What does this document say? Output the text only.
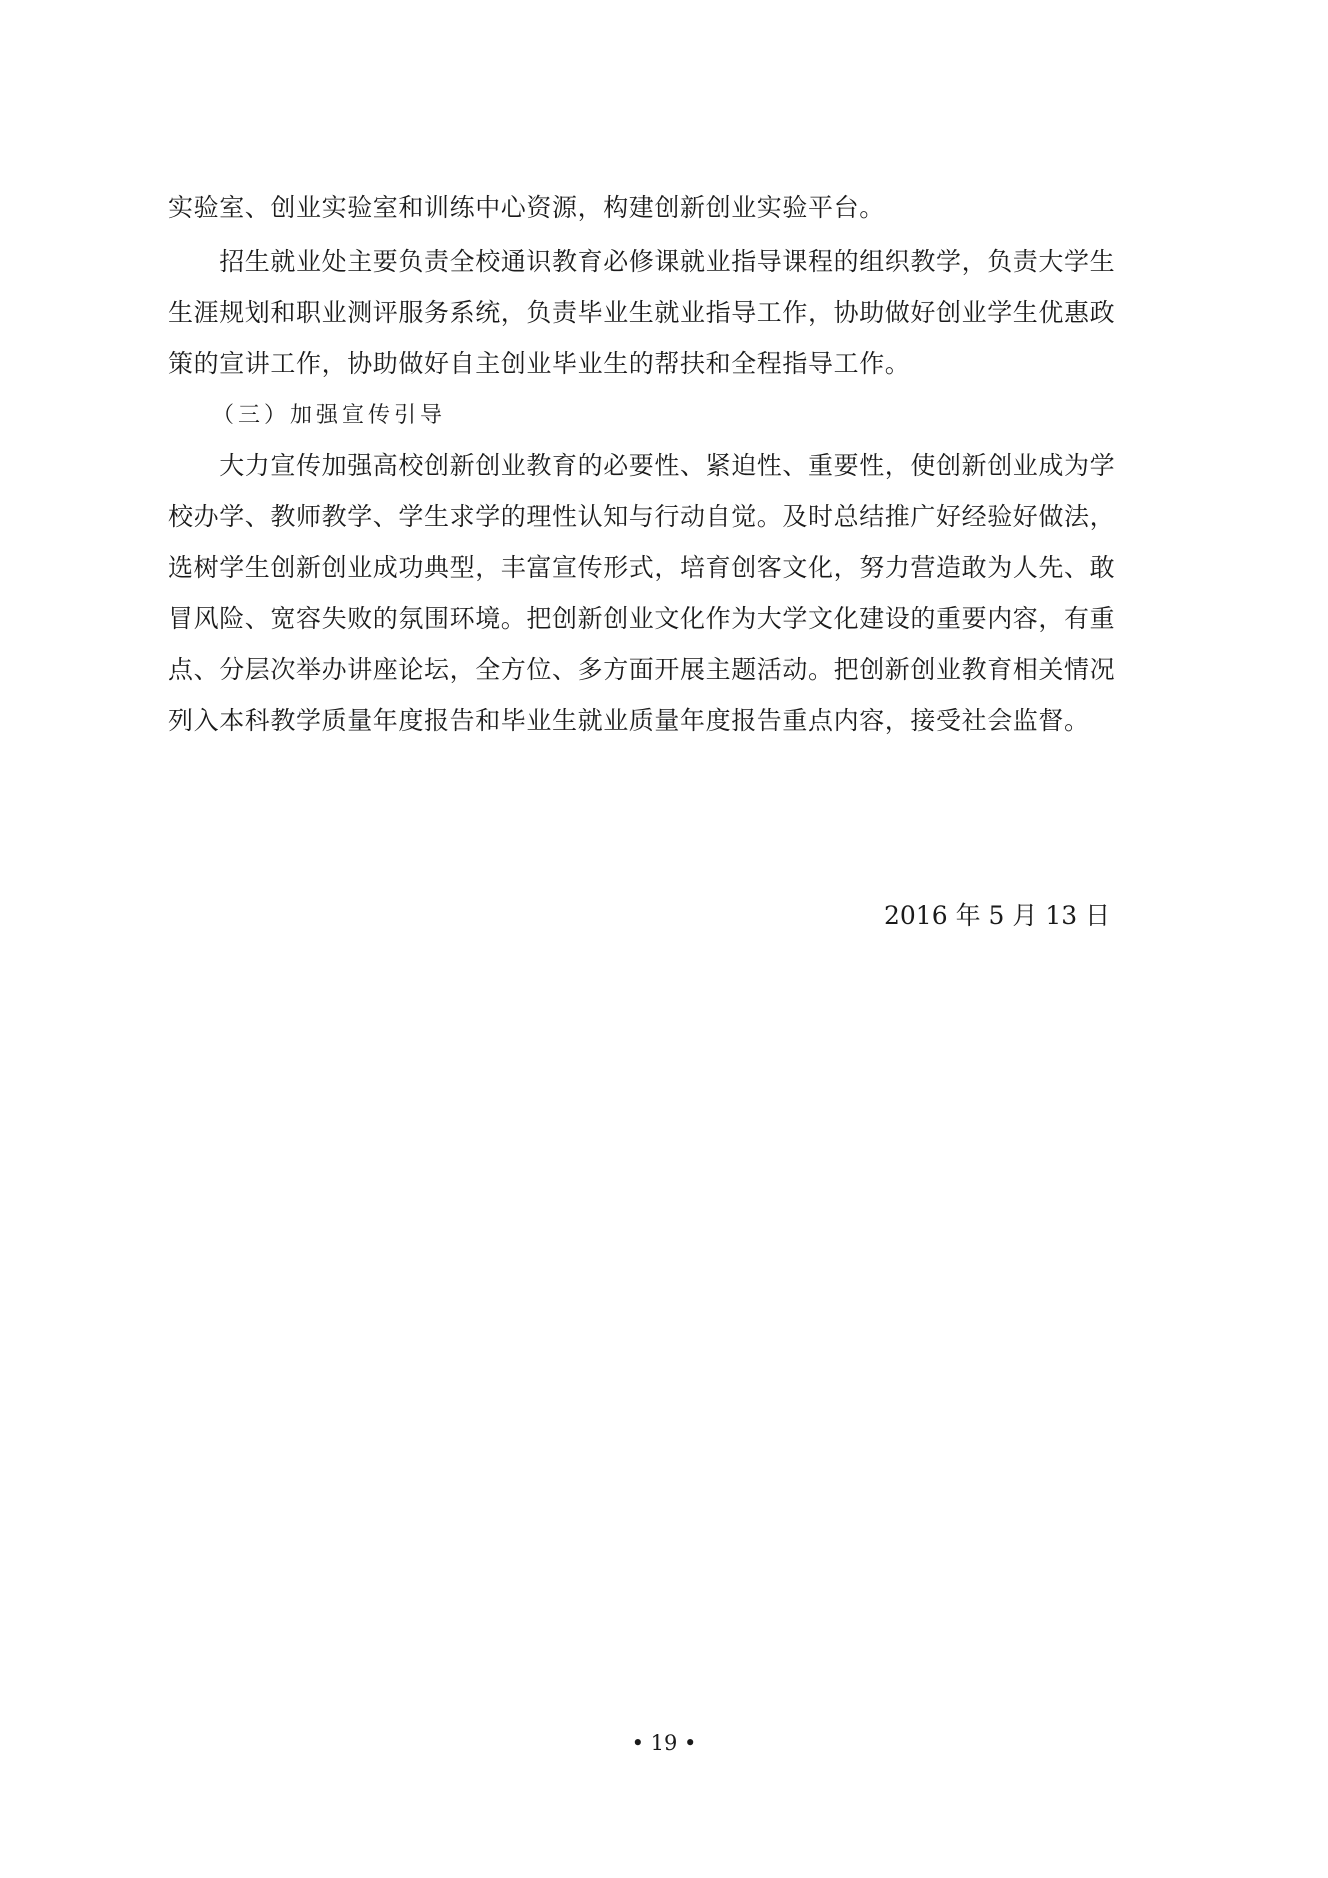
实验室、创业实验室和训练中心资源，构建创新创业实验平台。
　　招生就业处主要负责全校通识教育必修课就业指导课程的组织教学，负责大学生
生涯规划和职业测评服务系统，负责毕业生就业指导工作，协助做好创业学生优惠政
策的宣讲工作，协助做好自主创业毕业生的帮扶和全程指导工作。
（三）加强宣传引导
　　大力宣传加强高校创新创业教育的必要性、紧迫性、重要性，使创新创业成为学
校办学、教师教学、学生求学的理性认知与行动自觉。及时总结推广好经验好做法，
选树学生创新创业成功典型，丰富宣传形式，培育创客文化，努力营造敢为人先、敢
冒风险、宽容失败的氛围环境。把创新创业文化作为大学文化建设的重要内容，有重
点、分层次举办讲座论坛，全方位、多方面开展主题活动。把创新创业教育相关情况
列入本科教学质量年度报告和毕业生就业质量年度报告重点内容，接受社会监督。
2016 年 5 月 13 日
• 19 •
